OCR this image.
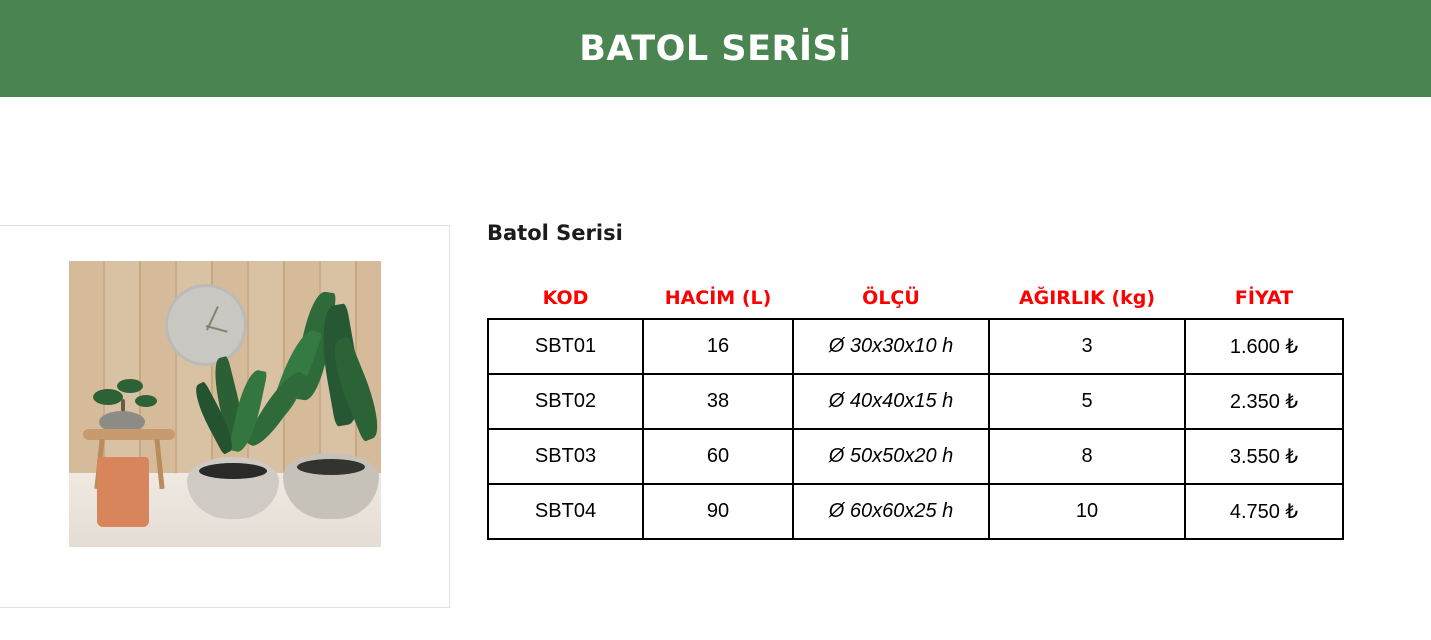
BATOL SERİSİ
Batol Serisi
KOD	HACİM (L)	ÖLÇÜ	AĞIRLIK (kg)	FİYAT
SBT01	16	Ø 30x30x10 h	3	1.600 ₺
SBT02	38	Ø 40x40x15 h	5	2.350 ₺
SBT03	60	Ø 50x50x20 h	8	3.550 ₺
SBT04	90	Ø 60x60x25 h	10	4.750 ₺
